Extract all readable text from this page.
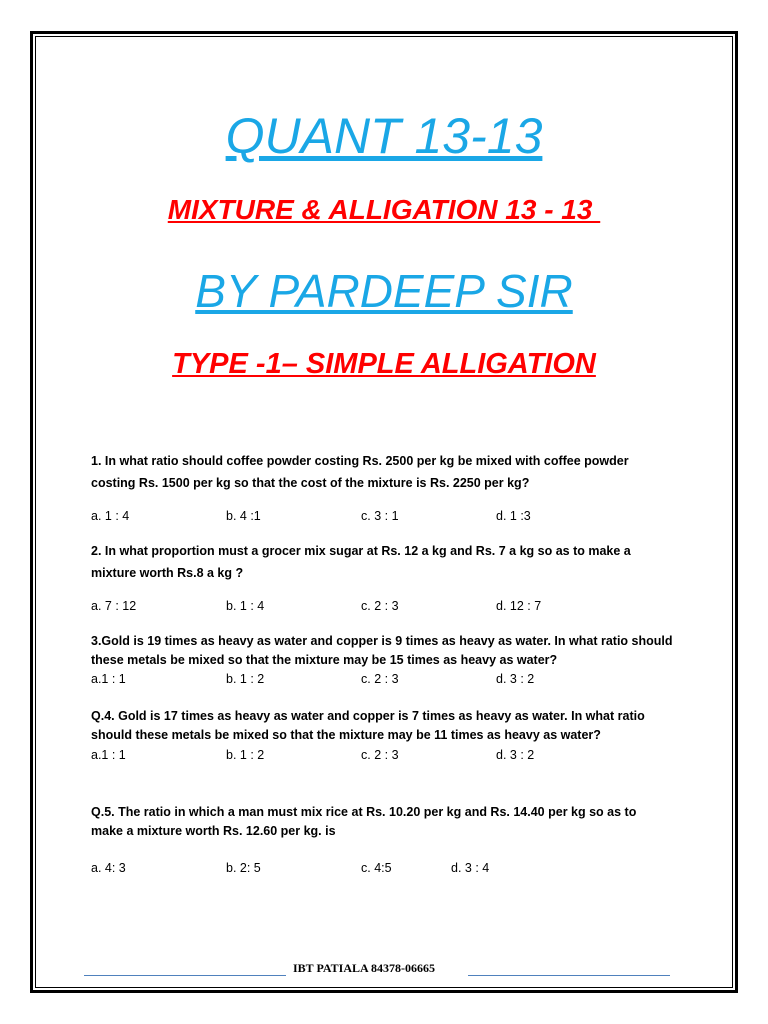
QUANT 13-13
MIXTURE & ALLIGATION 13 - 13
BY PARDEEP SIR
TYPE -1– SIMPLE ALLIGATION
1. In what ratio should coffee powder costing Rs. 2500 per kg be mixed with coffee powder costing Rs. 1500 per kg so that the cost of the mixture is Rs. 2250 per kg?
a. 1 : 4	b. 4 :1	c. 3 : 1	d. 1 :3
2. In what proportion must a grocer mix sugar at Rs. 12 a kg and Rs. 7 a kg so as to make a mixture worth Rs.8 a kg ?
a. 7 : 12	b. 1 : 4	c. 2 : 3	d. 12 : 7
3.Gold is 19 times as heavy as water and copper is 9 times as heavy as water. In what ratio should these metals be mixed so that the mixture may be 15 times as heavy as water?
a.1 : 1	b. 1 : 2	c. 2 : 3	d. 3 : 2
Q.4. Gold is 17 times as heavy as water and copper is 7 times as heavy as water. In what ratio should these metals be mixed so that the mixture may be 11 times as heavy as water?
a.1 : 1	b. 1 : 2	c. 2 : 3	d. 3 : 2
Q.5. The ratio in which a man must mix rice at Rs. 10.20 per kg and Rs. 14.40 per kg so as to make a mixture worth Rs. 12.60 per kg. is
a. 4: 3	b. 2: 5	c. 4:5	d. 3 : 4
IBT PATIALA 84378-06665
